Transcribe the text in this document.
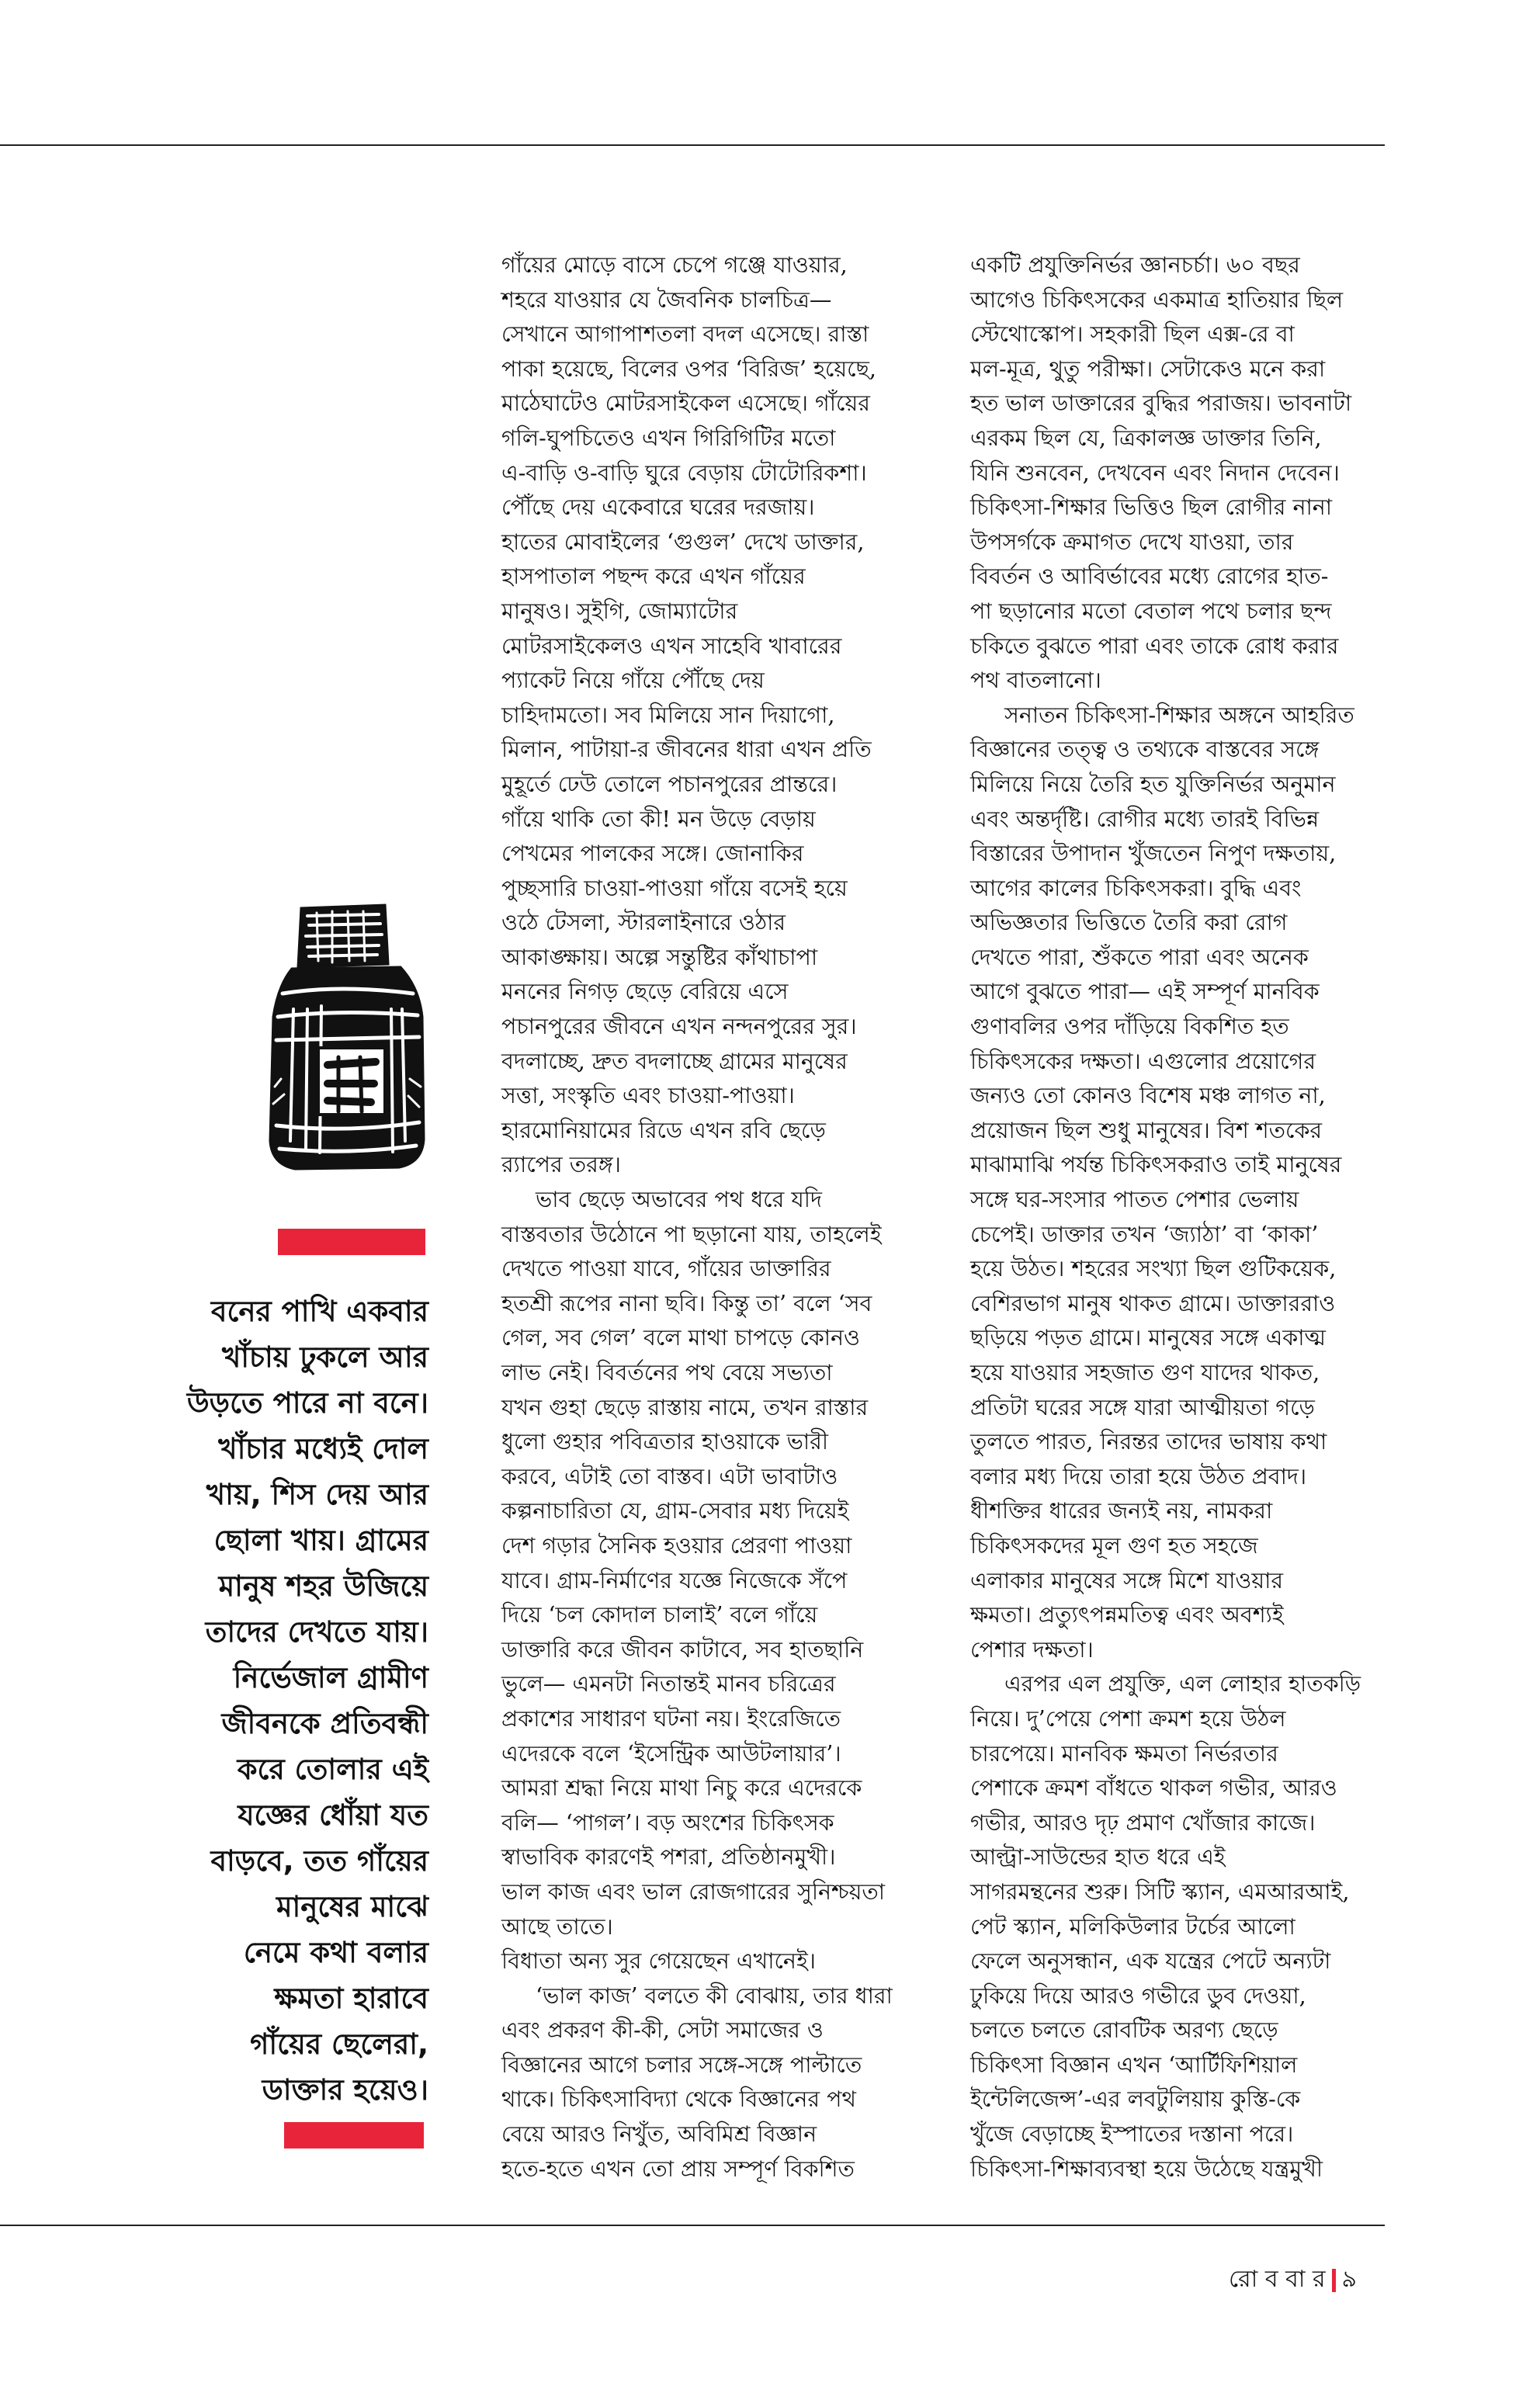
গাঁয়ের মোড়ে বাসে চেপে গঞ্জে যাওয়ার,

শহরে যাওয়ার যে জৈবনিক চালচিত্র—

সেখানে আগাপাশতলা বদল এসেছে। রাস্তা

পাকা হয়েছে, বিলের ওপর ‘বিরিজ’ হয়েছে,

মাঠেঘাটেও মোটরসাইকেল এসেছে। গাঁয়ের

গলি-ঘুপচিতেও এখন গিরিগিটির মতো

এ-বাড়ি ও-বাড়ি ঘুরে বেড়ায় টোটোরিকশা।

পৌঁছে দেয় একেবারে ঘরের দরজায়।

হাতের মোবাইলের ‘গুগুল’ দেখে ডাক্তার,

হাসপাতাল পছন্দ করে এখন গাঁয়ের

মানুষও। সুইগি, জোম্যাটোর

মোটরসাইকেলও এখন সাহেবি খাবারের

প্যাকেট নিয়ে গাঁয়ে পৌঁছে দেয়

চাহিদামতো। সব মিলিয়ে সান দিয়াগো,

মিলান, পাটায়া-র জীবনের ধারা এখন প্রতি

মুহূর্তে ঢেউ তোলে পচানপুরের প্রান্তরে।

গাঁয়ে থাকি তো কী! মন উড়ে বেড়ায়

পেখমের পালকের সঙ্গে। জোনাকির

পুচ্ছসারি চাওয়া-পাওয়া গাঁয়ে বসেই হয়ে

ওঠে টেসলা, স্টারলাইনারে ওঠার

আকাঙ্ক্ষায়। অল্পে সন্তুষ্টির কাঁথাচাপা

মননের নিগড় ছেড়ে বেরিয়ে এসে

পচানপুরের জীবনে এখন নন্দনপুরের সুর।

বদলাচ্ছে, দ্রুত বদলাচ্ছে গ্রামের মানুষের

সত্তা, সংস্কৃতি এবং চাওয়া-পাওয়া।

হারমোনিয়ামের রিডে এখন রবি ছেড়ে

র‍্যাপের তরঙ্গ।

ভাব ছেড়ে অভাবের পথ ধরে যদি

বাস্তবতার উঠোনে পা ছড়ানো যায়, তাহলেই

দেখতে পাওয়া যাবে, গাঁয়ের ডাক্তারির

হতশ্রী রূপের নানা ছবি। কিন্তু তা’ বলে ‘সব

গেল, সব গেল’ বলে মাথা চাপড়ে কোনও

লাভ নেই। বিবর্তনের পথ বেয়ে সভ্যতা

যখন গুহা ছেড়ে রাস্তায় নামে, তখন রাস্তার

ধুলো গুহার পবিত্রতার হাওয়াকে ভারী

করবে, এটাই তো বাস্তব। এটা ভাবাটাও

কল্পনাচারিতা যে, গ্রাম-সেবার মধ্য দিয়েই

দেশ গড়ার সৈনিক হওয়ার প্রেরণা পাওয়া

যাবে। গ্রাম-নির্মাণের যজ্ঞে নিজেকে সঁপে

দিয়ে ‘চল কোদাল চালাই’ বলে গাঁয়ে

ডাক্তারি করে জীবন কাটাবে, সব হাতছানি

ভুলে— এমনটা নিতান্তই মানব চরিত্রের

প্রকাশের সাধারণ ঘটনা নয়। ইংরেজিতে

এদেরকে বলে ‘ইসেন্ট্রিক আউটলায়ার’।

আমরা শ্রদ্ধা নিয়ে মাথা নিচু করে এদেরকে

বলি— ‘পাগল’। বড় অংশের চিকিৎসক

স্বাভাবিক কারণেই পশরা, প্রতিষ্ঠানমুখী।

ভাল কাজ এবং ভাল রোজগারের সুনিশ্চয়তা

আছে তাতে।

বিধাতা অন্য সুর গেয়েছেন এখানেই।

‘ভাল কাজ’ বলতে কী বোঝায়, তার ধারা

এবং প্রকরণ কী-কী, সেটা সমাজের ও

বিজ্ঞানের আগে চলার সঙ্গে-সঙ্গে পাল্টাতে

থাকে। চিকিৎসাবিদ্যা থেকে বিজ্ঞানের পথ

বেয়ে আরও নিখুঁত, অবিমিশ্র বিজ্ঞান

হতে-হতে এখন তো প্রায় সম্পূর্ণ বিকশিত

একটি প্রযুক্তিনির্ভর জ্ঞানচর্চা। ৬০ বছর

আগেও চিকিৎসকের একমাত্র হাতিয়ার ছিল

স্টেথোস্কোপ। সহকারী ছিল এক্স-রে বা

মল-মূত্র, থুতু পরীক্ষা। সেটাকেও মনে করা

হত ভাল ডাক্তারের বুদ্ধির পরাজয়। ভাবনাটা

এরকম ছিল যে, ত্রিকালজ্ঞ ডাক্তার তিনি,

যিনি শুনবেন, দেখবেন এবং নিদান দেবেন।

চিকিৎসা-শিক্ষার ভিত্তিও ছিল রোগীর নানা

উপসর্গকে ক্রমাগত দেখে যাওয়া, তার

বিবর্তন ও আবির্ভাবের মধ্যে রোগের হাত-

পা ছড়ানোর মতো বেতাল পথে চলার ছন্দ

চকিতে বুঝতে পারা এবং তাকে রোধ করার

পথ বাতলানো।

সনাতন চিকিৎসা-শিক্ষার অঙ্গনে আহরিত

বিজ্ঞানের তত্ত্ব ও তথ্যকে বাস্তবের সঙ্গে

মিলিয়ে নিয়ে তৈরি হত যুক্তিনির্ভর অনুমান

এবং অন্তর্দৃষ্টি। রোগীর মধ্যে তারই বিভিন্ন

বিস্তারের উপাদান খুঁজতেন নিপুণ দক্ষতায়,

আগের কালের চিকিৎসকরা। বুদ্ধি এবং

অভিজ্ঞতার ভিত্তিতে তৈরি করা রোগ

দেখতে পারা, শুঁকতে পারা এবং অনেক

আগে বুঝতে পারা— এই সম্পূর্ণ মানবিক

গুণাবলির ওপর দাঁড়িয়ে বিকশিত হত

চিকিৎসকের দক্ষতা। এগুলোর প্রয়োগের

জন্যও তো কোনও বিশেষ মঞ্চ লাগত না,

প্রয়োজন ছিল শুধু মানুষের। বিশ শতকের

মাঝামাঝি পর্যন্ত চিকিৎসকরাও তাই মানুষের

সঙ্গে ঘর-সংসার পাতত পেশার ভেলায়

চেপেই। ডাক্তার তখন ‘জ্যাঠা’ বা ‘কাকা’

হয়ে উঠত। শহরের সংখ্যা ছিল গুটিকয়েক,

বেশিরভাগ মানুষ থাকত গ্রামে। ডাক্তাররাও

ছড়িয়ে পড়ত গ্রামে। মানুষের সঙ্গে একাত্ম

হয়ে যাওয়ার সহজাত গুণ যাদের থাকত,

প্রতিটা ঘরের সঙ্গে যারা আত্মীয়তা গড়ে

তুলতে পারত, নিরন্তর তাদের ভাষায় কথা

বলার মধ্য দিয়ে তারা হয়ে উঠত প্রবাদ।

ধীশক্তির ধারের জন্যই নয়, নামকরা

চিকিৎসকদের মূল গুণ হত সহজে

এলাকার মানুষের সঙ্গে মিশে যাওয়ার

ক্ষমতা। প্রত্যুৎপন্নমতিত্ব এবং অবশ্যই

পেশার দক্ষতা।

এরপর এল প্রযুক্তি, এল লোহার হাতকড়ি

নিয়ে। দু’পেয়ে পেশা ক্রমশ হয়ে উঠল

চারপেয়ে। মানবিক ক্ষমতা নির্ভরতার

পেশাকে ক্রমশ বাঁধতে থাকল গভীর, আরও

গভীর, আরও দৃঢ় প্রমাণ খোঁজার কাজে।

আল্ট্রা-সাউন্ডের হাত ধরে এই

সাগরমন্থনের শুরু। সিটি স্ক্যান, এমআরআই,

পেট স্ক্যান, মলিকিউলার টর্চের আলো

ফেলে অনুসন্ধান, এক যন্ত্রের পেটে অন্যটা

ঢুকিয়ে দিয়ে আরও গভীরে ডুব দেওয়া,

চলতে চলতে রোবটিক অরণ্য ছেড়ে

চিকিৎসা বিজ্ঞান এখন ‘আর্টিফিশিয়াল

ইন্টেলিজেন্স’-এর লবটুলিয়ায় কুস্তি-কে

খুঁজে বেড়াচ্ছে ইস্পাতের দস্তানা পরে।

চিকিৎসা-শিক্ষাব্যবস্থা হয়ে উঠেছে যন্ত্রমুখী

বনের পাখি একবার

খাঁচায় ঢুকলে আর

উড়তে পারে না বনে।

খাঁচার মধ্যেই দোল

খায়, শিস দেয় আর

ছোলা খায়। গ্রামের

মানুষ শহর উজিয়ে

তাদের দেখতে যায়।

নির্ভেজাল গ্রামীণ

জীবনকে প্রতিবন্ধী

করে তোলার এই

যজ্ঞের ধোঁয়া যত

বাড়বে, তত গাঁয়ের

মানুষের মাঝে

নেমে কথা বলার

ক্ষমতা হারাবে

গাঁয়ের ছেলেরা,

ডাক্তার হয়েও।

রো ব বা র ৯
